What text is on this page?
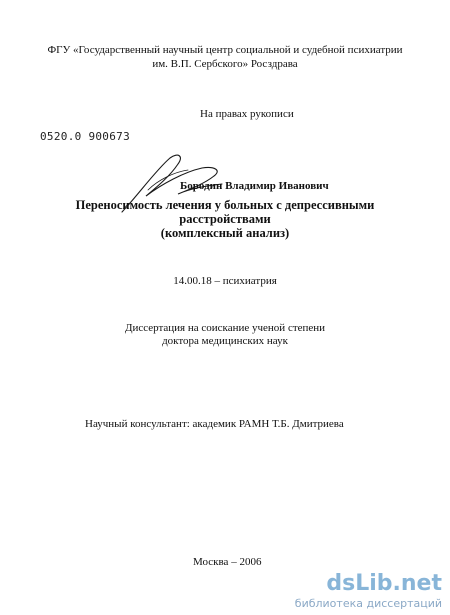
ФГУ «Государственный научный центр социальной и судебной психиатрии
им. В.П. Сербского» Росздрава
На правах рукописи
0520.0 900673
Бородин Владимир Иванович
Переносимость лечения у больных с депрессивными
расстройствами
(комплексный анализ)
14.00.18 – психиатрия
Диссертация на соискание ученой степени
доктора медицинских наук
Научный консультант: академик РАМН Т.Б. Дмитриева
Москва – 2006
dsLib.net
библиотека диссертаций
